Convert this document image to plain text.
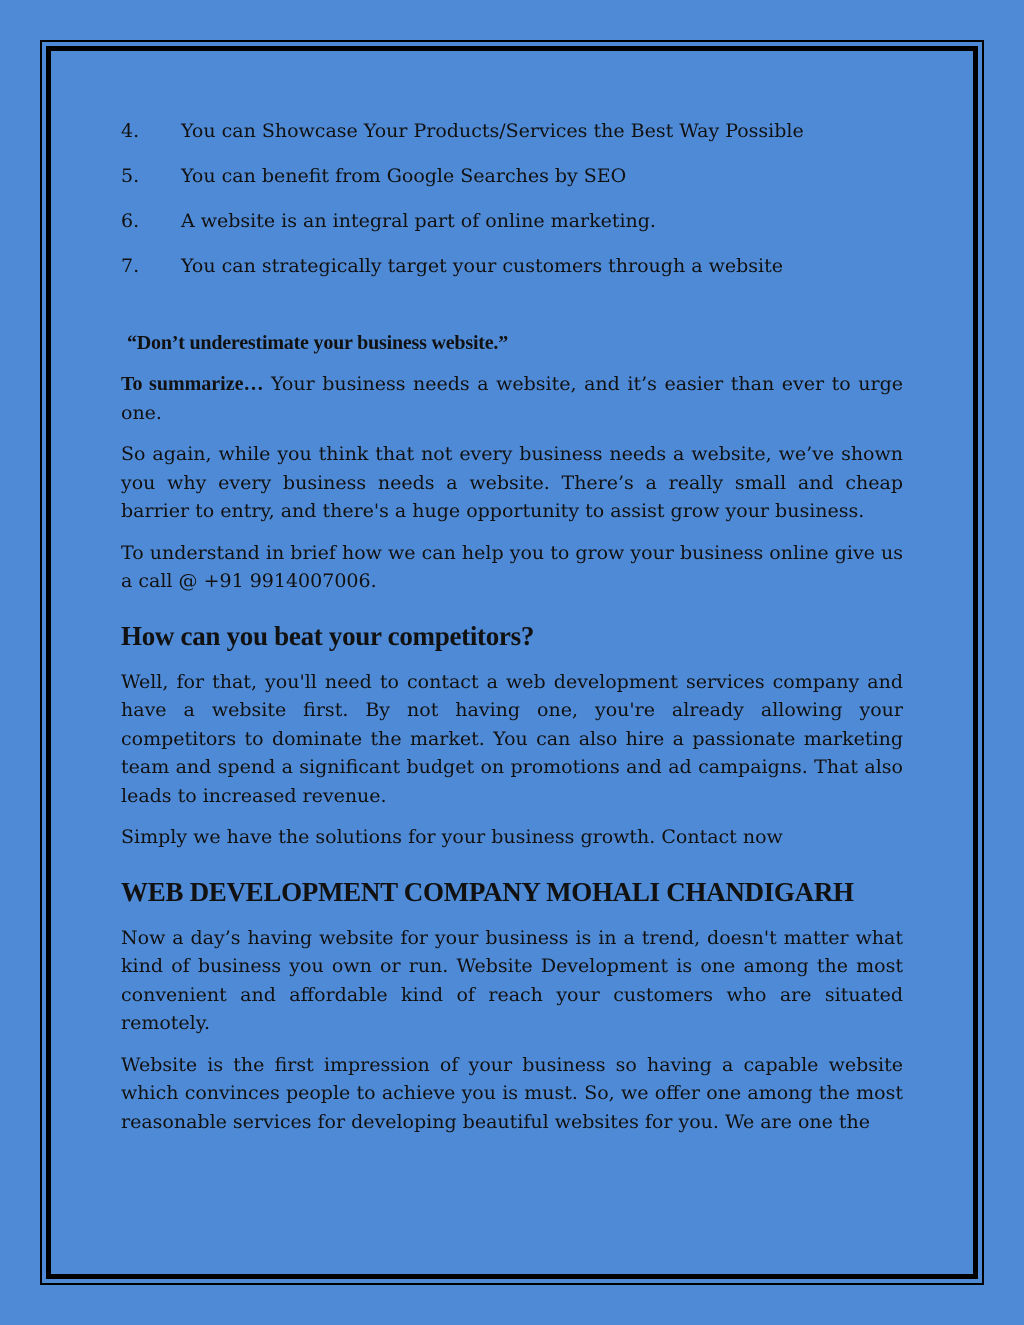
4.	You can Showcase Your Products/Services the Best Way Possible
5.	You can benefit from Google Searches by SEO
6.	A website is an integral part of online marketing.
7.	You can strategically target your customers through a website
“Don’t underestimate your business website.”

To summarize… Your business needs a website, and it’s easier than ever to urge one.

So again, while you think that not every business needs a website, we’ve shown you why every business needs a website. There’s a really small and cheap barrier to entry, and there's a huge opportunity to assist grow your business.

To understand in brief how we can help you to grow your business online give us a call @ +91 9914007006.

How can you beat your competitors?

Well, for that, you'll need to contact a web development services company and have a website first. By not having one, you're already allowing your competitors to dominate the market. You can also hire a passionate marketing team and spend a significant budget on promotions and ad campaigns. That also leads to increased revenue.

Simply we have the solutions for your business growth. Contact now

WEB DEVELOPMENT COMPANY MOHALI CHANDIGARH

Now a day’s having website for your business is in a trend, doesn't matter what kind of business you own or run. Website Development is one among the most convenient and affordable kind of reach your customers who are situated remotely.

Website is the first impression of your business so having a capable website which convinces people to achieve you is must. So, we offer one among the most reasonable services for developing beautiful websites for you. We are one the
